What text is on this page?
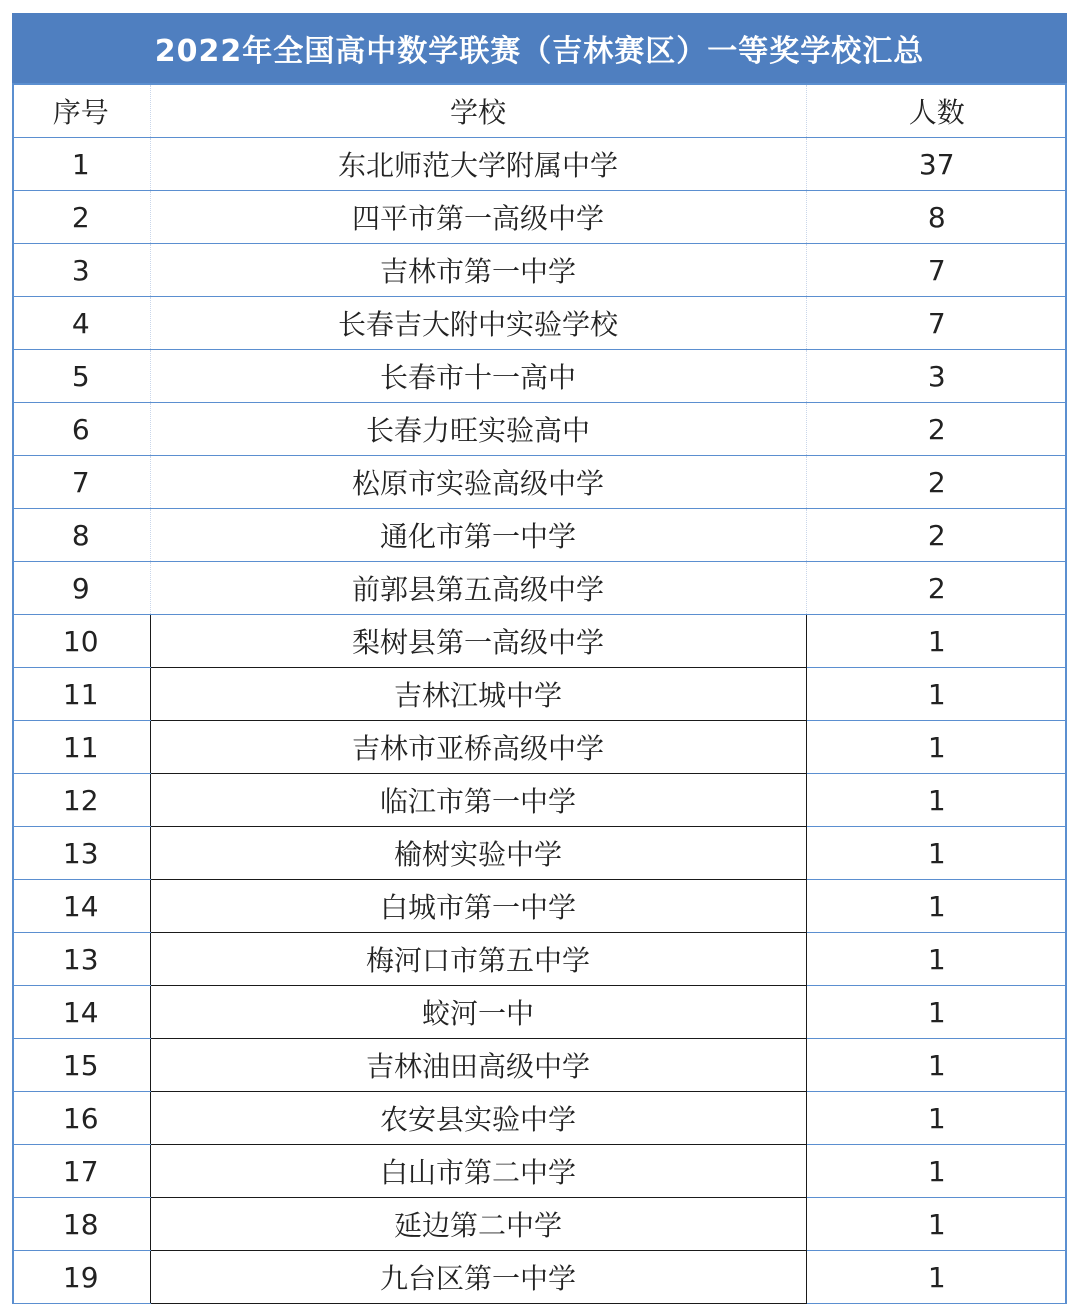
2022年全国高中数学联赛（吉林赛区）一等奖学校汇总
序号	学校	人数
1	东北师范大学附属中学	37
2	四平市第一高级中学	8
3	吉林市第一中学	7
4	长春吉大附中实验学校	7
5	长春市十一高中	3
6	长春力旺实验高中	2
7	松原市实验高级中学	2
8	通化市第一中学	2
9	前郭县第五高级中学	2
10	梨树县第一高级中学	1
11	吉林江城中学	1
11	吉林市亚桥高级中学	1
12	临江市第一中学	1
13	榆树实验中学	1
14	白城市第一中学	1
13	梅河口市第五中学	1
14	蛟河一中	1
15	吉林油田高级中学	1
16	农安县实验中学	1
17	白山市第二中学	1
18	延边第二中学	1
19	九台区第一中学	1
